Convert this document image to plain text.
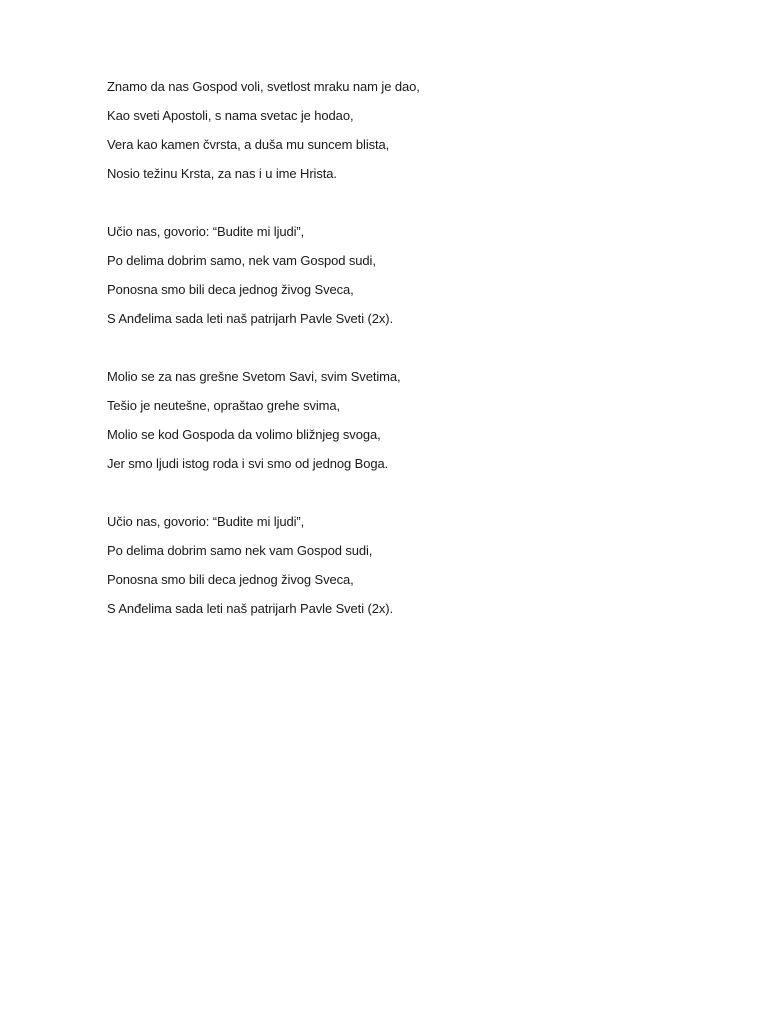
Znamo da nas Gospod voli, svetlost mraku nam je dao,
Kao sveti Apostoli, s nama svetac je hodao,
Vera kao kamen čvrsta, a duša mu suncem blista,
Nosio težinu Krsta, za nas i u ime Hrista.
Učio nas, govorio: “Budite mi ljudi”,
Po delima dobrim samo, nek vam Gospod sudi,
Ponosna smo bili deca jednog živog Sveca,
S Anđelima sada leti naš patrijarh Pavle Sveti (2x).
Molio se za nas grešne Svetom Savi, svim Svetima,
Tešio je neutešne, opraštao grehe svima,
Molio se kod Gospoda da volimo bližnjeg svoga,
Jer smo ljudi istog roda i svi smo od jednog Boga.
Učio nas, govorio: “Budite mi ljudi”,
Po delima dobrim samo nek vam Gospod sudi,
Ponosna smo bili deca jednog živog Sveca,
S Anđelima sada leti naš patrijarh Pavle Sveti (2x).
